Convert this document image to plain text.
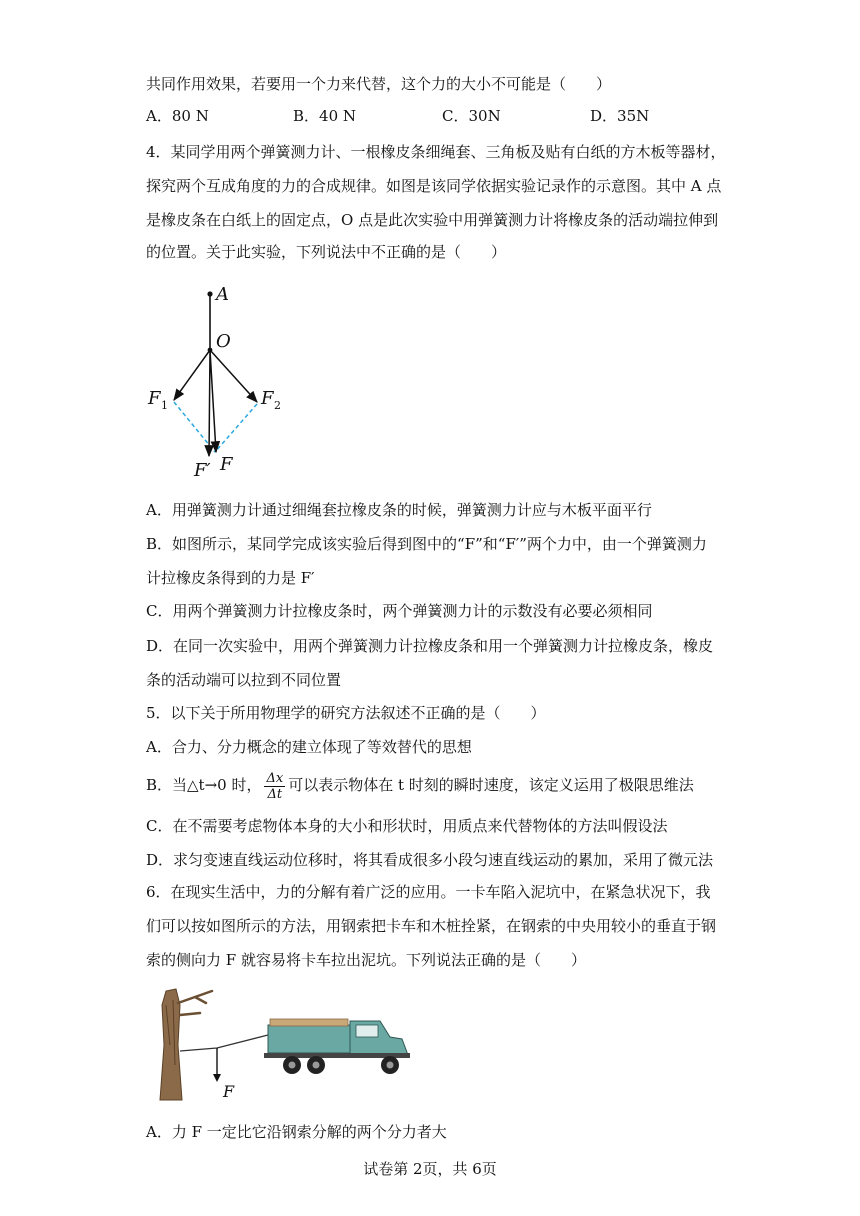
共同作用效果，若要用一个力来代替，这个力的大小不可能是（　　）
A．80 N	B．40 N	C．30N	D．35N
4．某同学用两个弹簧测力计、一根橡皮条细绳套、三角板及贴有白纸的方木板等器材，
探究两个互成角度的力的合成规律。如图是该同学依据实验记录作的示意图。其中 A 点
是橡皮条在白纸上的固定点，O 点是此次实验中用弹簧测力计将橡皮条的活动端拉伸到
的位置。关于此实验，下列说法中不正确的是（　　）
A
O
F 1	F 2
F′ F
A．用弹簧测力计通过细绳套拉橡皮条的时候，弹簧测力计应与木板平面平行
B．如图所示，某同学完成该实验后得到图中的“F”和“F′”两个力中，由一个弹簧测力
计拉橡皮条得到的力是 F′
C．用两个弹簧测力计拉橡皮条时，两个弹簧测力计的示数没有必要必须相同
D．在同一次实验中，用两个弹簧测力计拉橡皮条和用一个弹簧测力计拉橡皮条，橡皮
条的活动端可以拉到不同位置
5．以下关于所用物理学的研究方法叙述不正确的是（　　）
A．合力、分力概念的建立体现了等效替代的思想
B．当△t→0 时， $\frac{\Delta x}{\Delta t}$ 可以表示物体在 t 时刻的瞬时速度，该定义运用了极限思维法
C．在不需要考虑物体本身的大小和形状时，用质点来代替物体的方法叫假设法
D．求匀变速直线运动位移时，将其看成很多小段匀速直线运动的累加，采用了微元法
6．在现实生活中，力的分解有着广泛的应用。一卡车陷入泥坑中，在紧急状况下，我
们可以按如图所示的方法，用钢索把卡车和木桩拴紧，在钢索的中央用较小的垂直于钢
索的侧向力 F 就容易将卡车拉出泥坑。下列说法正确的是（　　）
F
A．力 F 一定比它沿钢索分解的两个分力者大
试卷第 2页，共 6页
